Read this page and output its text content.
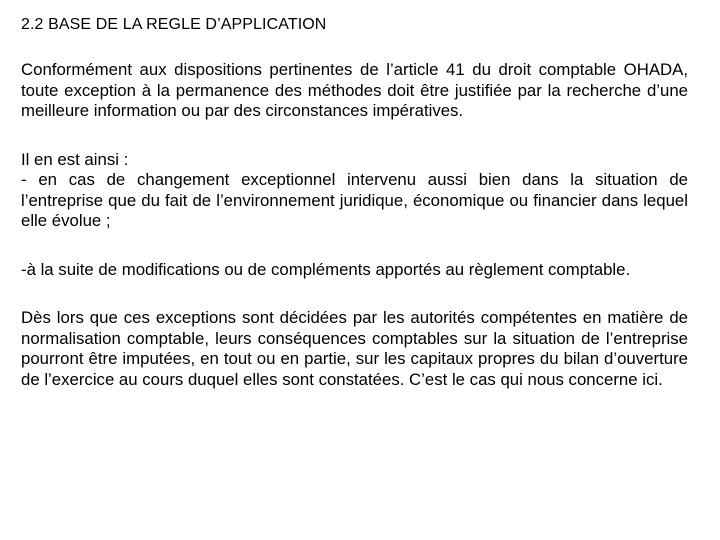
2.2 BASE DE LA REGLE D’APPLICATION

Conformément aux dispositions pertinentes de l’article 41 du droit comptable OHADA, toute exception à la permanence des méthodes doit être justifiée par la recherche d’une meilleure information ou par des circonstances impératives.

Il en est ainsi :

- en cas de changement exceptionnel intervenu aussi bien dans la situation de l’entreprise que du fait de l’environnement juridique, économique ou financier dans lequel elle évolue ;

-à la suite de modifications ou de compléments apportés au règlement comptable.

Dès lors que ces exceptions sont décidées par les autorités compétentes en matière de normalisation comptable, leurs conséquences comptables sur la situation de l’entreprise pourront être imputées, en tout ou en partie, sur les capitaux propres du bilan d’ouverture de l’exercice au cours duquel elles sont constatées. C’est le cas qui nous concerne ici.
